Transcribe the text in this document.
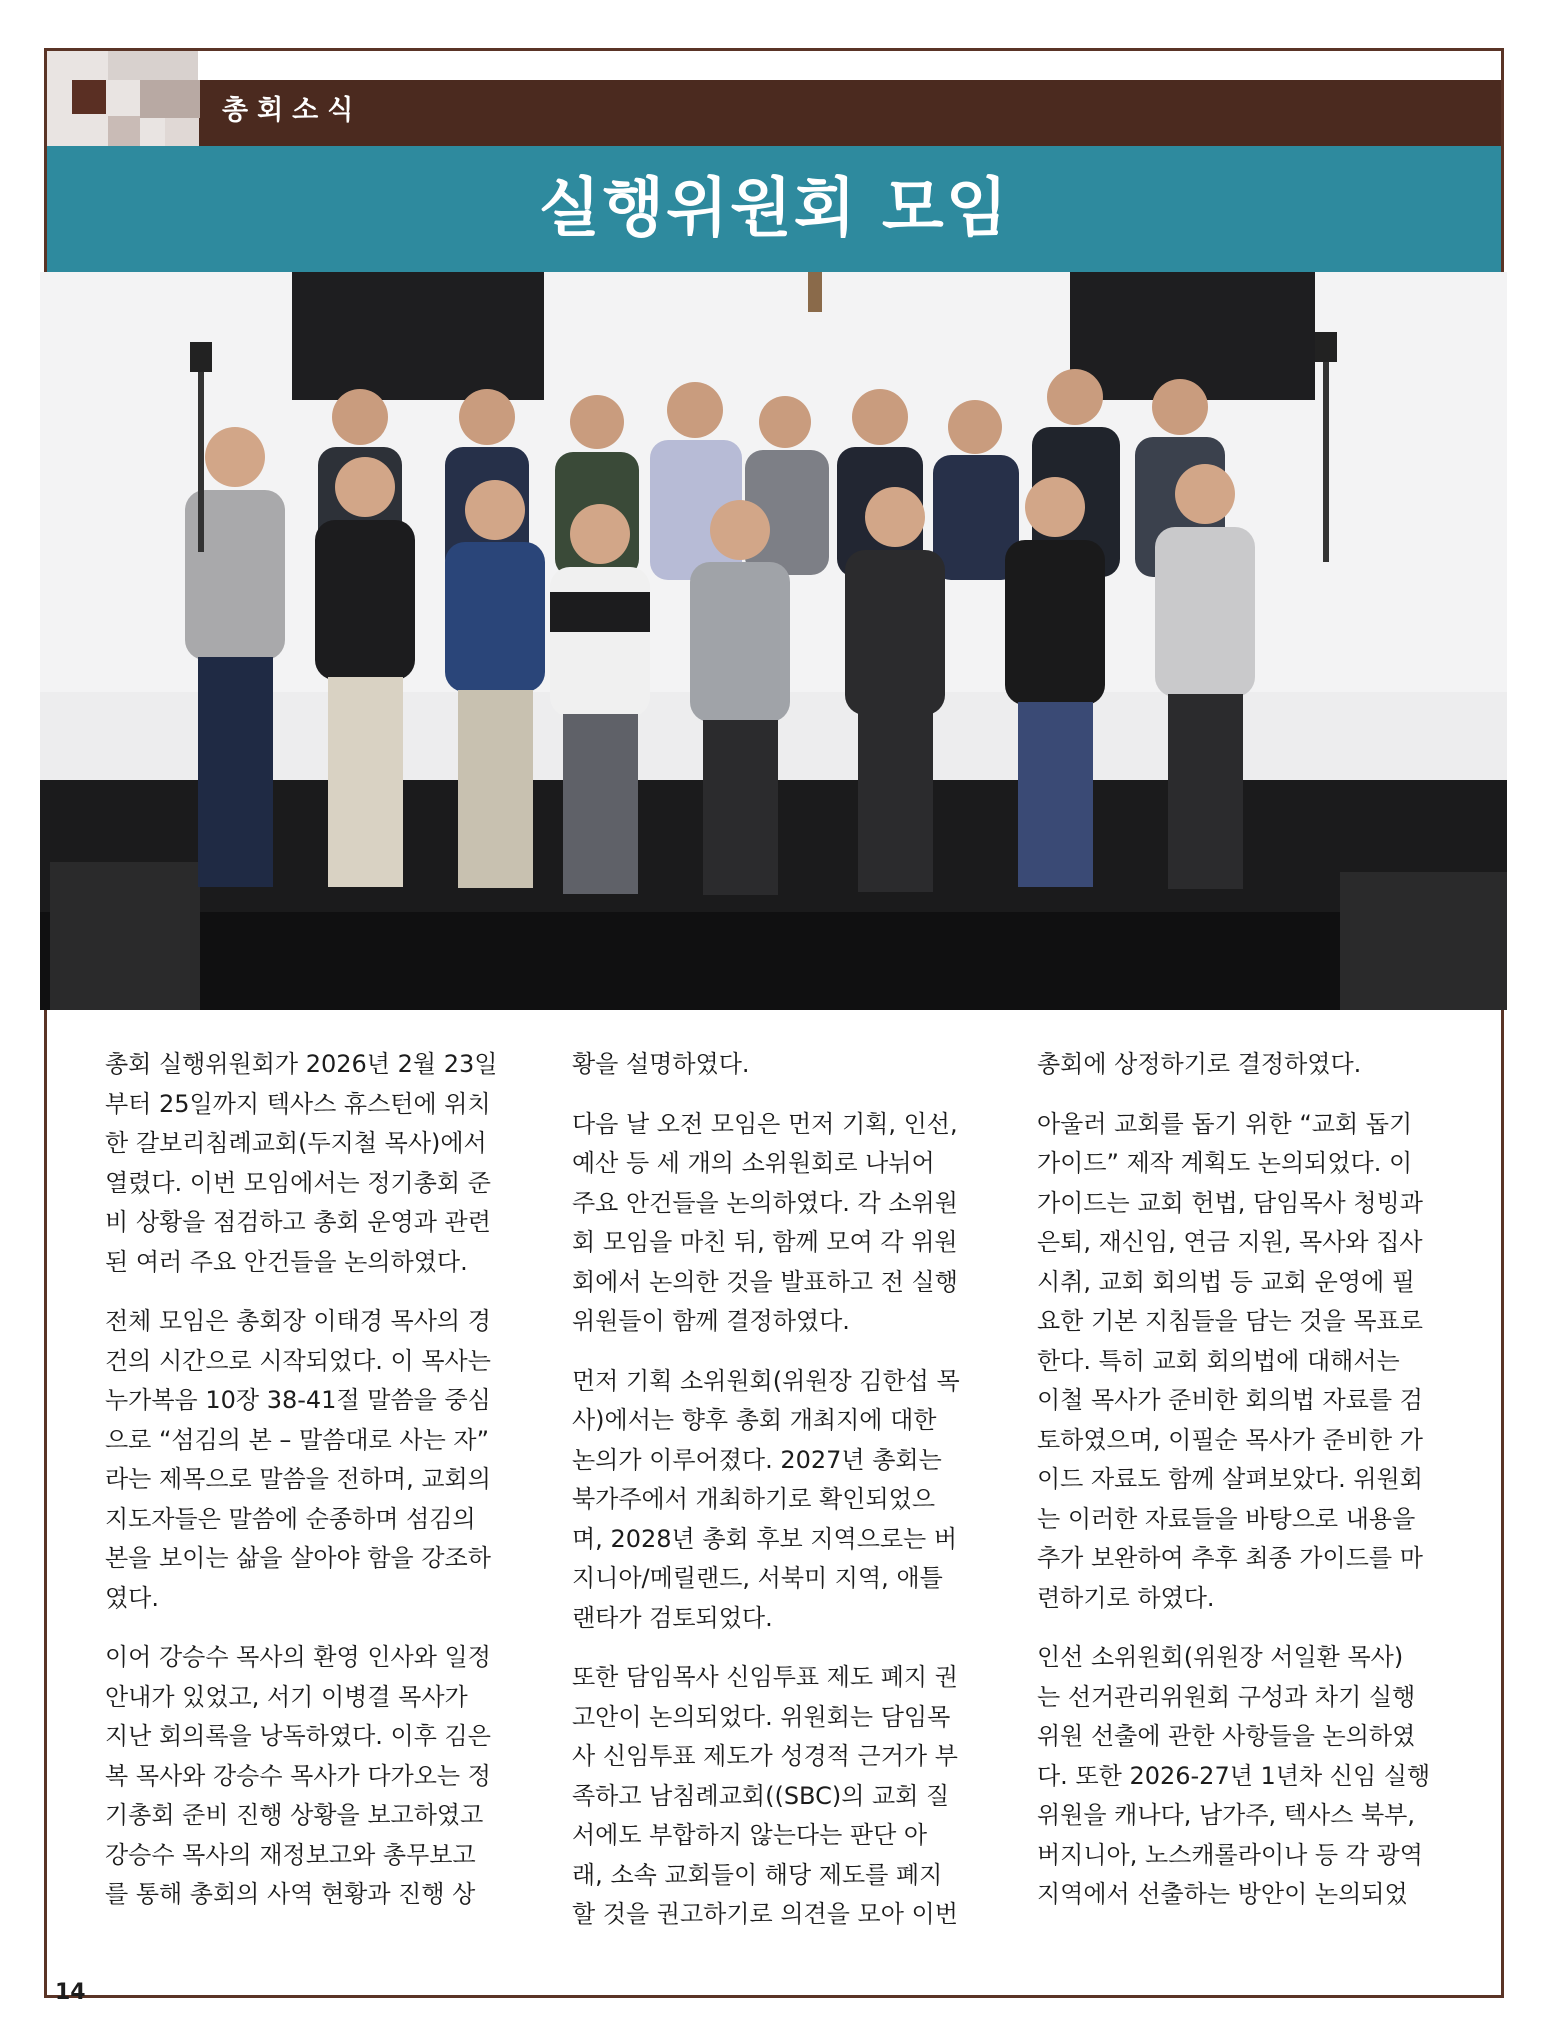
총회소식
실행위원회 모임

총회 실행위원회가 2026년 2월 23일
부터 25일까지 텍사스 휴스턴에 위치
한 갈보리침례교회(두지철 목사)에서
열렸다. 이번 모임에서는 정기총회 준
비 상황을 점검하고 총회 운영과 관련
된 여러 주요 안건들을 논의하였다.

전체 모임은 총회장 이태경 목사의 경
건의 시간으로 시작되었다. 이 목사는
누가복음 10장 38-41절 말씀을 중심
으로 “섬김의 본 – 말씀대로 사는 자”
라는 제목으로 말씀을 전하며, 교회의
지도자들은 말씀에 순종하며 섬김의
본을 보이는 삶을 살아야 함을 강조하
였다.

이어 강승수 목사의 환영 인사와 일정
안내가 있었고, 서기 이병결 목사가
지난 회의록을 낭독하였다. 이후 김은
복 목사와 강승수 목사가 다가오는 정
기총회 준비 진행 상황을 보고하였고
강승수 목사의 재정보고와 총무보고
를 통해 총회의 사역 현황과 진행 상

황을 설명하였다.

다음 날 오전 모임은 먼저 기획, 인선,
예산 등 세 개의 소위원회로 나뉘어
주요 안건들을 논의하였다. 각 소위원
회 모임을 마친 뒤, 함께 모여 각 위원
회에서 논의한 것을 발표하고 전 실행
위원들이 함께 결정하였다.

먼저 기획 소위원회(위원장 김한섭 목
사)에서는 향후 총회 개최지에 대한
논의가 이루어졌다. 2027년 총회는
북가주에서 개최하기로 확인되었으
며, 2028년 총회 후보 지역으로는 버
지니아/메릴랜드, 서북미 지역, 애틀
랜타가 검토되었다.

또한 담임목사 신임투표 제도 폐지 권
고안이 논의되었다. 위원회는 담임목
사 신임투표 제도가 성경적 근거가 부
족하고 남침례교회((SBC)의 교회 질
서에도 부합하지 않는다는 판단 아
래, 소속 교회들이 해당 제도를 폐지
할 것을 권고하기로 의견을 모아 이번

총회에 상정하기로 결정하였다.

아울러 교회를 돕기 위한 “교회 돕기
가이드” 제작 계획도 논의되었다. 이
가이드는 교회 헌법, 담임목사 청빙과
은퇴, 재신임, 연금 지원, 목사와 집사
시취, 교회 회의법 등 교회 운영에 필
요한 기본 지침들을 담는 것을 목표로
한다. 특히 교회 회의법에 대해서는
이철 목사가 준비한 회의법 자료를 검
토하였으며, 이필순 목사가 준비한 가
이드 자료도 함께 살펴보았다. 위원회
는 이러한 자료들을 바탕으로 내용을
추가 보완하여 추후 최종 가이드를 마
련하기로 하였다.

인선 소위원회(위원장 서일환 목사)
는 선거관리위원회 구성과 차기 실행
위원 선출에 관한 사항들을 논의하였
다. 또한 2026-27년 1년차 신임 실행
위원을 캐나다, 남가주, 텍사스 북부,
버지니아, 노스캐롤라이나 등 각 광역
지역에서 선출하는 방안이 논의되었

14
